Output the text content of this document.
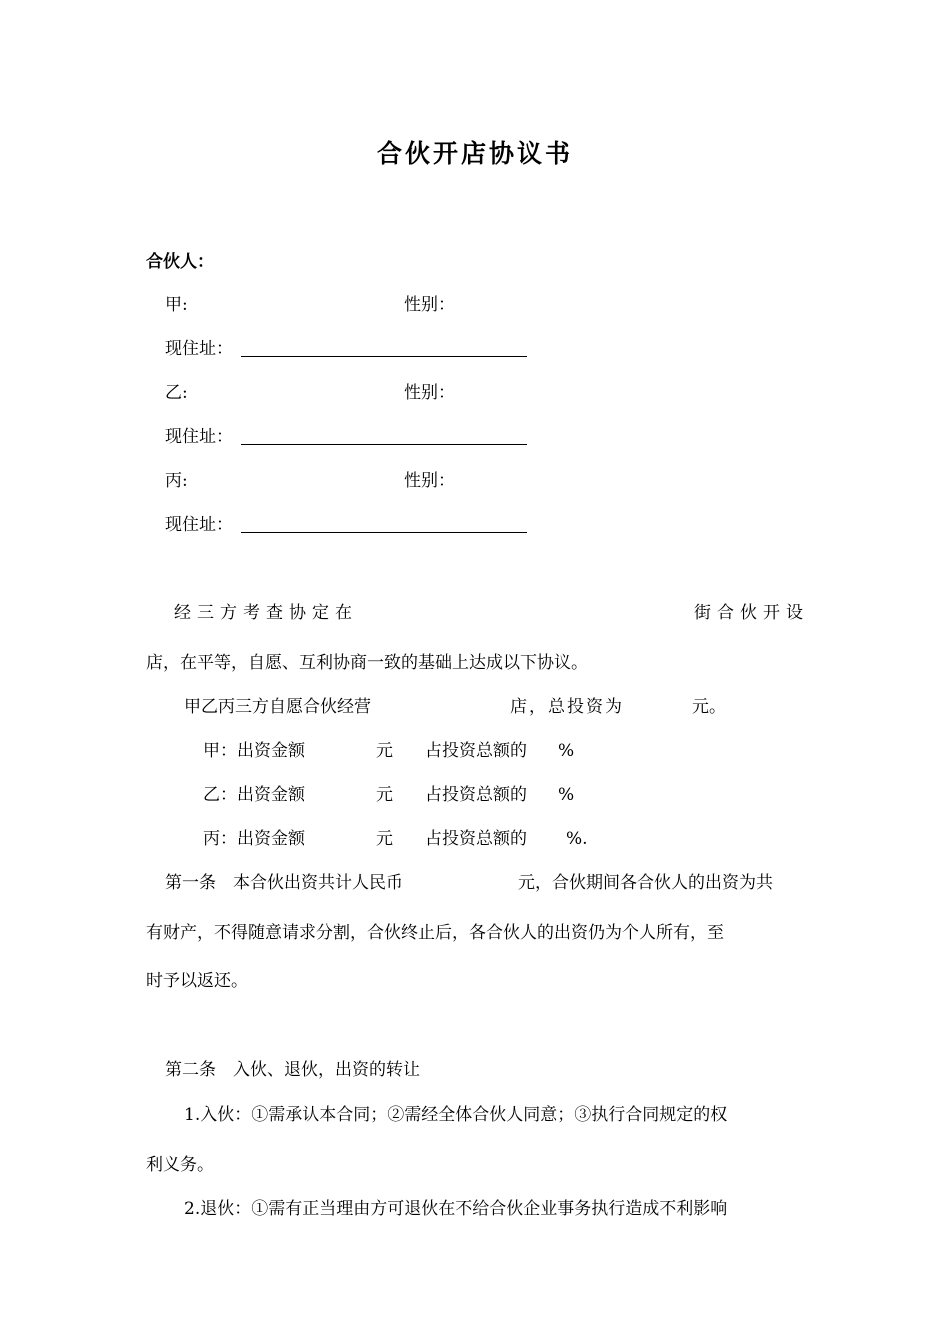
合伙开店协议书
合伙人：
甲:	性别：
现住址：
乙:	性别：
现住址：
丙:	性别：
现住址：
经三方考查协定在	街合伙开设
店，在平等，自愿、互利协商一致的基础上达成以下协议。
甲乙丙三方自愿合伙经营	店，总投资为	元。
甲：出资金额	元 占投资总额的 %
乙：出资金额	元 占投资总额的 %
丙：出资金额	元 占投资总额的 %.
第一条　本合伙出资共计人民币	元，合伙期间各合伙人的出资为共
有财产，不得随意请求分割，合伙终止后，各合伙人的出资仍为个人所有，至
时予以返还。
第二条　入伙、退伙，出资的转让
1.入伙：①需承认本合同；②需经全体合伙人同意；③执行合同规定的权
利义务。
2.退伙：①需有正当理由方可退伙在不给合伙企业事务执行造成不利影响
